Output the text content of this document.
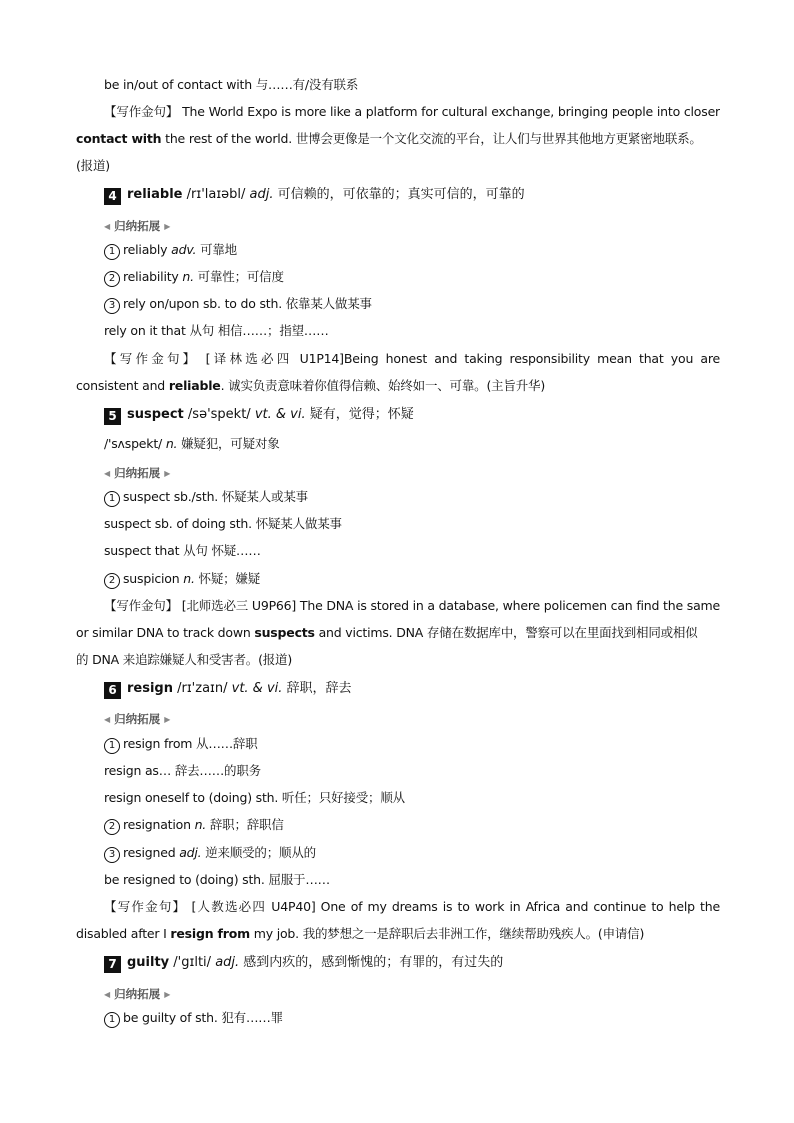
be in/out of contact with 与……有/没有联系
【写作金句】 The World Expo is more like a platform for cultural exchange, bringing people into closer
contact with the rest of the world. 世博会更像是一个文化交流的平台，让人们与世界其他地方更紧密地联系。
(报道)
4 reliable /rɪ'laɪəbl/ adj. 可信赖的，可依靠的；真实可信的，可靠的
◀ 归纳拓展 ▶
1 reliably adv. 可靠地
2 reliability n. 可靠性；可信度
3 rely on/upon sb. to do sth. 依靠某人做某事
rely on it that 从句 相信……；指望……
【写作金句】 [译林选必四 U1P14]Being honest and taking responsibility mean that you are
consistent and reliable. 诚实负责意味着你值得信赖、始终如一、可靠。(主旨升华)
5 suspect /sə'spekt/ vt. & vi. 疑有，觉得；怀疑
/'sʌspekt/ n. 嫌疑犯，可疑对象
◀ 归纳拓展 ▶
1 suspect sb./sth. 怀疑某人或某事
suspect sb. of doing sth. 怀疑某人做某事
suspect that 从句 怀疑……
2 suspicion n. 怀疑；嫌疑
【写作金句】 [北师选必三 U9P66] The DNA is stored in a database, where policemen can find the same
or similar DNA to track down suspects and victims. DNA 存储在数据库中，警察可以在里面找到相同或相似
的 DNA 来追踪嫌疑人和受害者。(报道)
6 resign /rɪ'zaɪn/ vt. & vi. 辞职，辞去
◀ 归纳拓展 ▶
1 resign from 从……辞职
resign as… 辞去……的职务
resign oneself to (doing) sth. 听任；只好接受；顺从
2 resignation n. 辞职；辞职信
3 resigned adj. 逆来顺受的；顺从的
be resigned to (doing) sth. 屈服于……
【写作金句】 [人教选必四 U4P40] One of my dreams is to work in Africa and continue to help the
disabled after I resign from my job. 我的梦想之一是辞职后去非洲工作，继续帮助残疾人。(申请信)
7 guilty /'gɪlti/ adj. 感到内疚的，感到惭愧的；有罪的，有过失的
◀ 归纳拓展 ▶
1 be guilty of sth. 犯有……罪
